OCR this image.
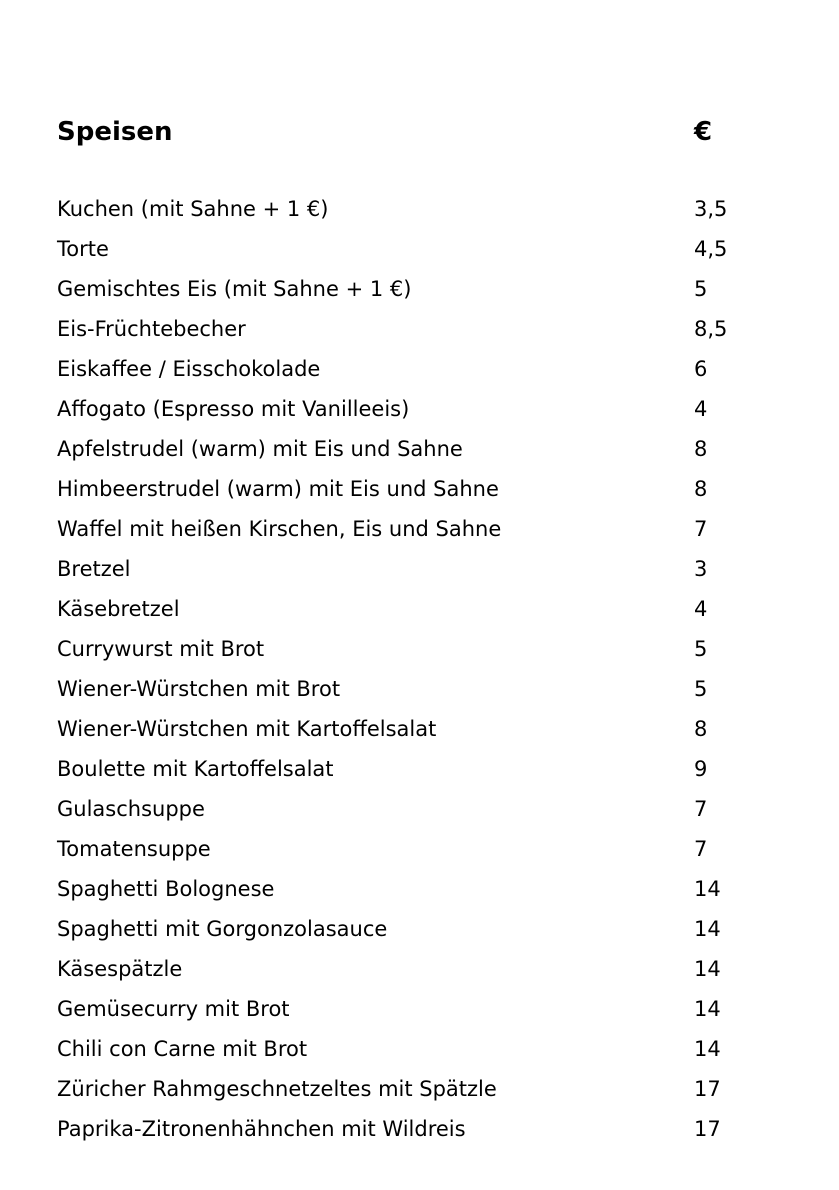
Speisen	€
Kuchen (mit Sahne + 1 €)	3,5
Torte	4,5
Gemischtes Eis (mit Sahne + 1 €)	5
Eis-Früchtebecher	8,5
Eiskaffee / Eisschokolade	6
Affogato (Espresso mit Vanilleeis)	4
Apfelstrudel (warm) mit Eis und Sahne	8
Himbeerstrudel (warm) mit Eis und Sahne	8
Waffel mit heißen Kirschen, Eis und Sahne	7
Bretzel	3
Käsebretzel	4
Currywurst mit Brot	5
Wiener-Würstchen mit Brot	5
Wiener-Würstchen mit Kartoffelsalat	8
Boulette mit Kartoffelsalat	9
Gulaschsuppe	7
Tomatensuppe	7
Spaghetti Bolognese	14
Spaghetti mit Gorgonzolasauce	14
Käsespätzle	14
Gemüsecurry mit Brot	14
Chili con Carne mit Brot	14
Züricher Rahmgeschnetzeltes mit Spätzle	17
Paprika-Zitronenhähnchen mit Wildreis	17
